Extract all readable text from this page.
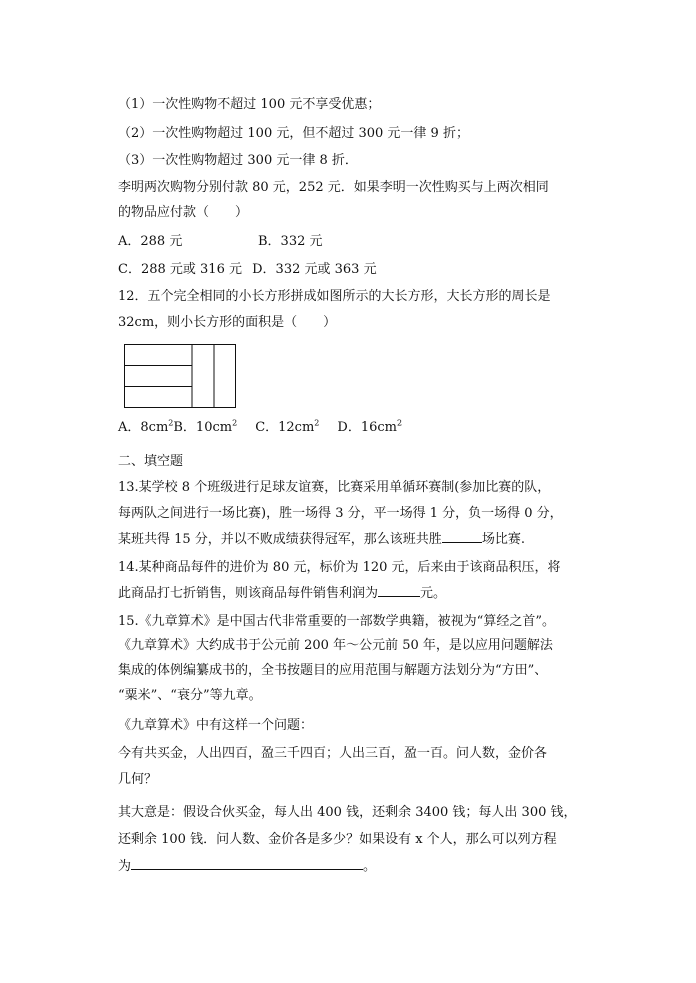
（1）一次性购物不超过 100 元不享受优惠；
（2）一次性购物超过 100 元，但不超过 300 元一律 9 折；
（3）一次性购物超过 300 元一律 8 折．
李明两次购物分别付款 80 元，252 元．如果李明一次性购买与上两次相同
的物品应付款（　　）
A．288 元	B．332 元
C．288 元或 316 元 D．332 元或 363 元
12．五个完全相同的小长方形拼成如图所示的大长方形，大长方形的周长是
32cm，则小长方形的面积是（　　）
A．$8cm^2B$．$10cm^2$ C．$12cm^2$ D．$16cm^2$
二、填空题
13.某学校 8 个班级进行足球友谊赛，比赛采用单循环赛制(参加比赛的队，
每两队之间进行一场比赛)，胜一场得 3 分，平一场得 1 分，负一场得 0 分，
某班共得 15 分，并以不败成绩获得冠军，那么该班共胜	场比赛.
14.某种商品每件的进价为 80 元，标价为 120 元，后来由于该商品积压，将
此商品打七折销售，则该商品每件销售利润为	元。
15.《九章算术》是中国古代非常重要的一部数学典籍，被视为“算经之首”。
《九章算术》大约成书于公元前 200 年～公元前 50 年，是以应用问题解法
集成的体例编纂成书的，全书按题目的应用范围与解题方法划分为“方田”、
“粟米”、“衰分”等九章。
《九章算术》中有这样一个问题：
今有共买金，人出四百，盈三千四百；人出三百，盈一百。问人数，金价各
几何？
其大意是：假设合伙买金，每人出 400 钱，还剩余 3400 钱；每人出 300 钱，
还剩余 100 钱．问人数、金价各是多少？如果设有 x 个人，那么可以列方程
为	。
